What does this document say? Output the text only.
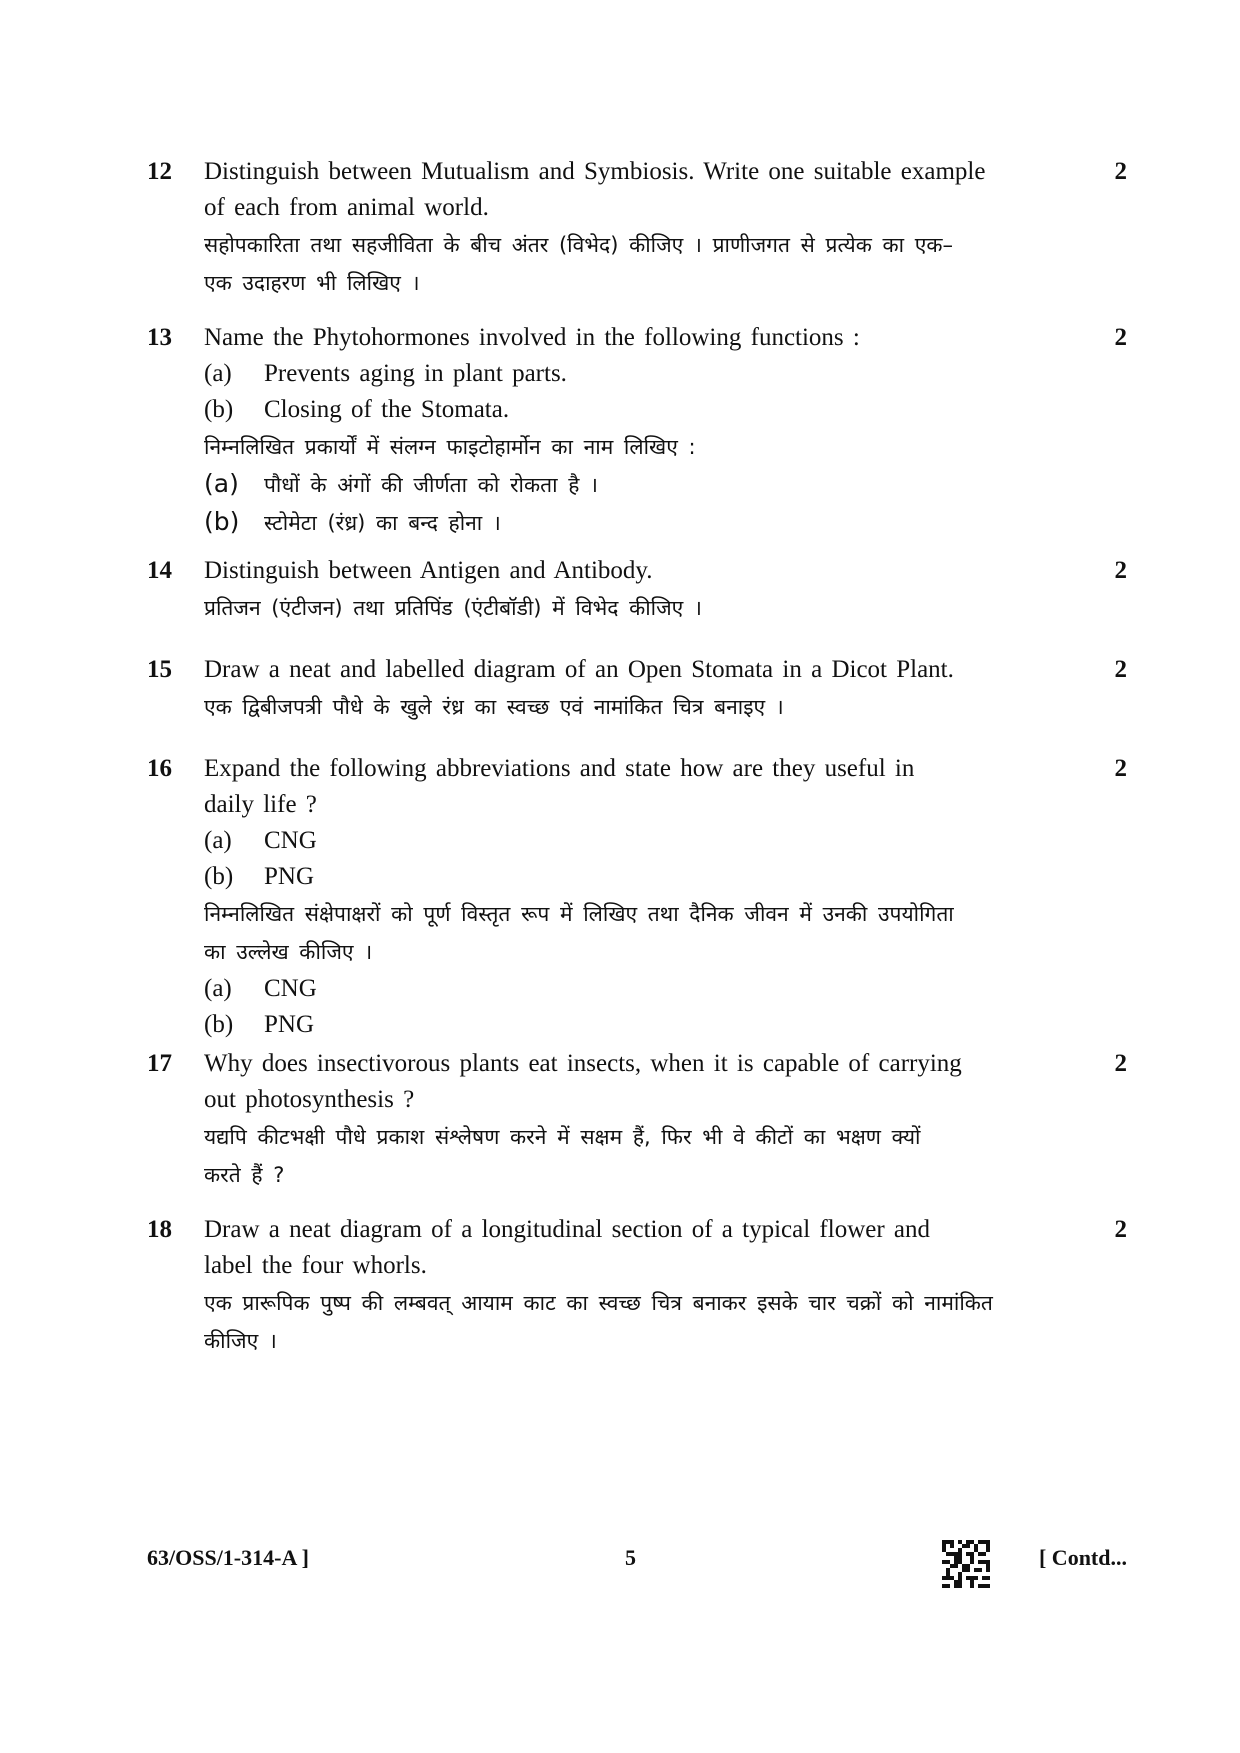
12 Distinguish between Mutualism and Symbiosis. Write one suitable example
of each from animal world.
सहोपकारिता तथा सहजीविता के बीच अंतर (विभेद) कीजिए । प्राणीजगत से प्रत्येक का एक–
एक उदाहरण भी लिखिए ।
2
13 Name the Phytohormones involved in the following functions :
(a)	Prevents aging in plant parts.
(b)	Closing of the Stomata.
निम्नलिखित प्रकार्यों में संलग्न फाइटोहार्मोन का नाम लिखिए :
(a)	पौधों के अंगों की जीर्णता को रोकता है ।
(b)	स्टोमेटा (रंध्र) का बन्द होना ।
2
14 Distinguish between Antigen and Antibody.
प्रतिजन (एंटीजन) तथा प्रतिपिंड (एंटीबॉडी) में विभेद कीजिए ।
2
15 Draw a neat and labelled diagram of an Open Stomata in a Dicot Plant.
एक द्विबीजपत्री पौधे के खुले रंध्र का स्वच्छ एवं नामांकित चित्र बनाइए ।
2
16 Expand the following abbreviations and state how are they useful in
daily life ?
(a)	CNG
(b)	PNG
निम्नलिखित संक्षेपाक्षरों को पूर्ण विस्तृत रूप में लिखिए तथा दैनिक जीवन में उनकी उपयोगिता
का उल्लेख कीजिए ।
(a)	CNG
(b)	PNG
2
17 Why does insectivorous plants eat insects, when it is capable of carrying
out photosynthesis ?
यद्यपि कीटभक्षी पौधे प्रकाश संश्लेषण करने में सक्षम हैं, फिर भी वे कीटों का भक्षण क्यों
करते हैं ?
2
18 Draw a neat diagram of a longitudinal section of a typical flower and
label the four whorls.
एक प्रारूपिक पुष्प की लम्बवत् आयाम काट का स्वच्छ चित्र बनाकर इसके चार चक्रों को नामांकित
कीजिए ।
2
63/OSS/1-314-A ]	5	[ Contd...
